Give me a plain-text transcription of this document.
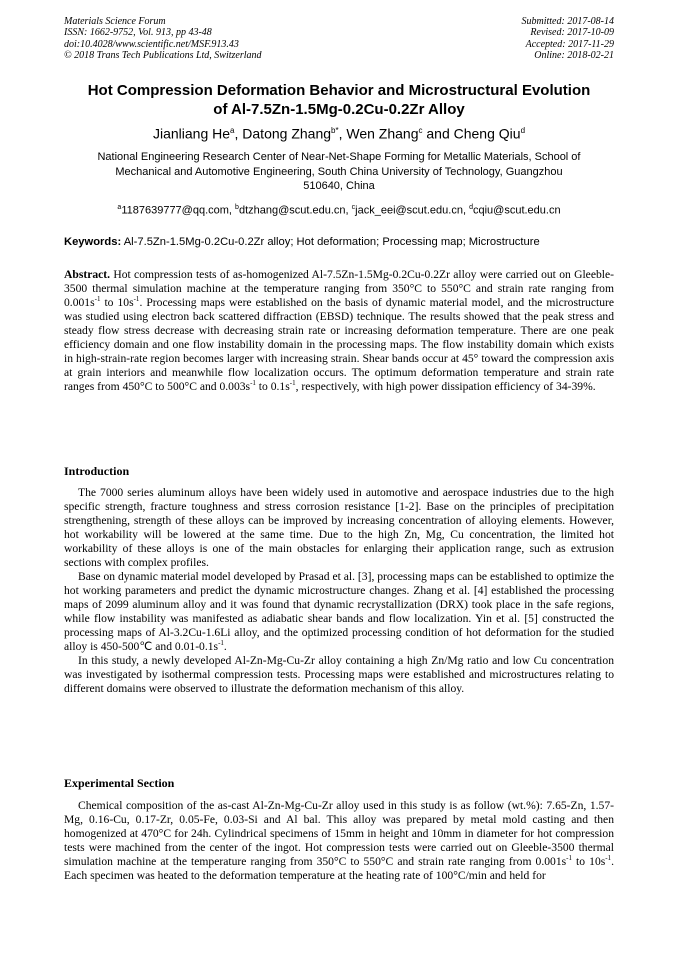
Materials Science Forum
ISSN: 1662-9752, Vol. 913, pp 43-48
doi:10.4028/www.scientific.net/MSF.913.43
© 2018 Trans Tech Publications Ltd, Switzerland
Submitted: 2017-08-14
Revised: 2017-10-09
Accepted: 2017-11-29
Online: 2018-02-21
Hot Compression Deformation Behavior and Microstructural Evolution
of Al-7.5Zn-1.5Mg-0.2Cu-0.2Zr Alloy
Jianliang He$^a$, Datong Zhang$^{b*}$, Wen Zhang$^c$ and Cheng Qiu$^d$
National Engineering Research Center of Near-Net-Shape Forming for Metallic Materials, School of
Mechanical and Automotive Engineering, South China University of Technology, Guangzhou
510640, China
$^a$1187639777@qq.com, $^b$dtzhang@scut.edu.cn, $^c$jack_eei@scut.edu.cn, $^d$cqiu@scut.edu.cn
Keywords: Al-7.5Zn-1.5Mg-0.2Cu-0.2Zr alloy; Hot deformation; Processing map; Microstructure
Abstract. Hot compression tests of as-homogenized Al-7.5Zn-1.5Mg-0.2Cu-0.2Zr alloy were carried out on Gleeble-3500 thermal simulation machine at the temperature ranging from 350°C to 550°C and strain rate ranging from $0.001s^{-1}$ to $10s^{-1}$. Processing maps were established on the basis of dynamic material model, and the microstructure was studied using electron back scattered diffraction (EBSD) technique. The results showed that the peak stress and steady flow stress decrease with decreasing strain rate or increasing deformation temperature. There are one peak efficiency domain and one flow instability domain in the processing maps. The flow instability domain which exists in high-strain-rate region becomes larger with increasing strain. Shear bands occur at 45° toward the compression axis at grain interiors and meanwhile flow localization occurs. The optimum deformation temperature and strain rate ranges from 450°C to 500°C and $0.003s^{-1}$ to $0.1s^{-1}$, respectively, with high power dissipation efficiency of 34-39%.
Introduction

The 7000 series aluminum alloys have been widely used in automotive and aerospace industries due to the high specific strength, fracture toughness and stress corrosion resistance [1-2]. Base on the principles of precipitation strengthening, strength of these alloys can be improved by increasing concentration of alloying elements. However, hot workability will be lowered at the same time. Due to the high Zn, Mg, Cu concentration, the limited hot workability of these alloys is one of the main obstacles for enlarging their application range, such as extrusion sections with complex profiles.

Base on dynamic material model developed by Prasad et al. [3], processing maps can be established to optimize the hot working parameters and predict the dynamic microstructure changes. Zhang et al. [4] established the processing maps of 2099 aluminum alloy and it was found that dynamic recrystallization (DRX) took place in the safe regions, while flow instability was manifested as adiabatic shear bands and flow localization. Yin et al. [5] constructed the processing maps of Al-3.2Cu-1.6Li alloy, and the optimized processing condition of hot deformation for the studied alloy is 450-500℃ and $0.01-0.1s^{-1}$.

In this study, a newly developed Al-Zn-Mg-Cu-Zr alloy containing a high Zn/Mg ratio and low Cu concentration was investigated by isothermal compression tests. Processing maps were established and microstructures relating to different domains were observed to illustrate the deformation mechanism of this alloy.

Experimental Section

Chemical composition of the as-cast Al-Zn-Mg-Cu-Zr alloy used in this study is as follow (wt.%): 7.65-Zn, 1.57-Mg, 0.16-Cu, 0.17-Zr, 0.05-Fe, 0.03-Si and Al bal. This alloy was prepared by metal mold casting and then homogenized at 470°C for 24h. Cylindrical specimens of 15mm in height and 10mm in diameter for hot compression tests were machined from the center of the ingot. Hot compression tests were carried out on Gleeble-3500 thermal simulation machine at the temperature ranging from 350°C to 550°C and strain rate ranging from $0.001s^{-1}$ to $10s^{-1}$. Each specimen was heated to the deformation temperature at the heating rate of 100°C/min and held for
